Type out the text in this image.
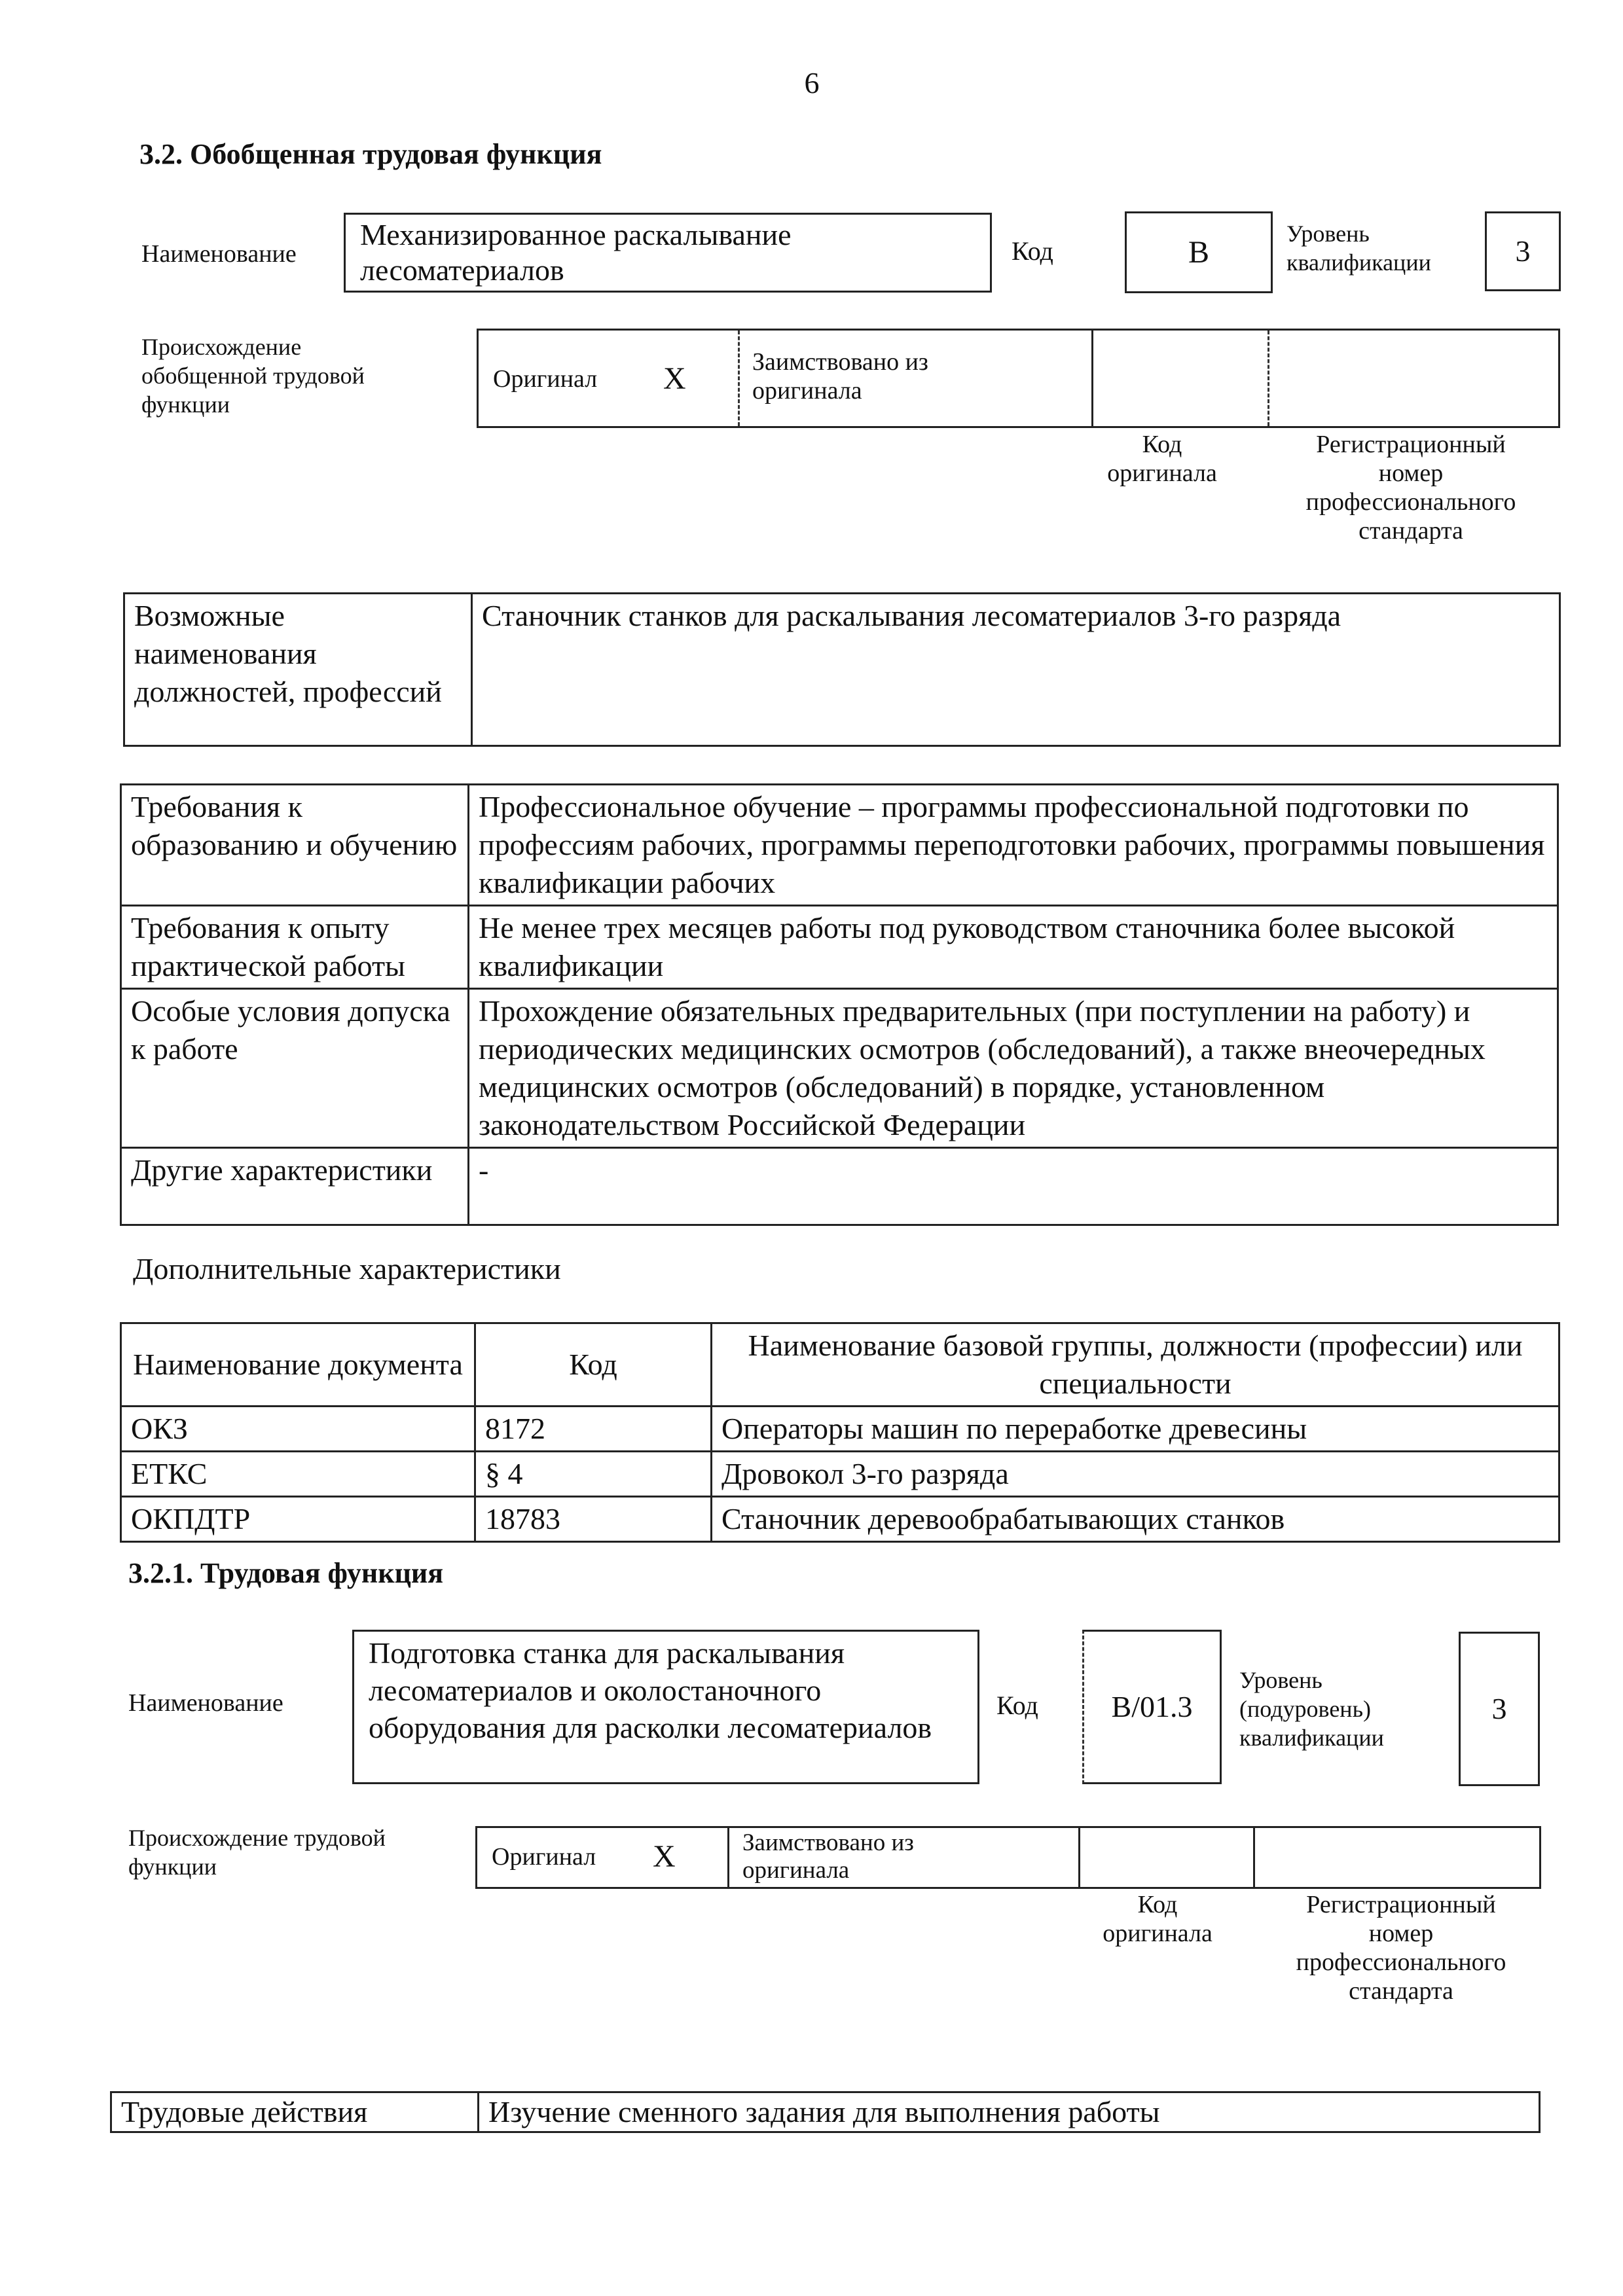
6
3.2. Обобщенная трудовая функция
Наименование
Механизированное раскалывание лесоматериалов
Код	B
Уровень квалификации	3
Происхождение обобщенной трудовой функции
Оригинал X	Заимствовано из оригинала
Код оригинала
Регистрационный номер профессионального стандарта
Возможные наименования должностей, профессий	Станочник станков для раскалывания лесоматериалов 3-го разряда
Требования к образованию и обучению	Профессиональное обучение – программы профессиональной подготовки по профессиям рабочих, программы переподготовки рабочих, программы повышения квалификации рабочих
Требования к опыту практической работы	Не менее трех месяцев работы под руководством станочника более высокой квалификации
Особые условия допуска к работе	Прохождение обязательных предварительных (при поступлении на работу) и периодических медицинских осмотров (обследований), а также внеочередных медицинских осмотров (обследований) в порядке, установленном законодательством Российской Федерации
Другие характеристики	-
Дополнительные характеристики
Наименование документа	Код	Наименование базовой группы, должности (профессии) или специальности
ОКЗ	8172	Операторы машин по переработке древесины
ЕТКС	§ 4	Дровокол 3-го разряда
ОКПДТР	18783	Станочник деревообрабатывающих станков
3.2.1. Трудовая функция
Наименование
Подготовка станка для раскалывания лесоматериалов и околостаночного оборудования для расколки лесоматериалов
Код	B/01.3
Уровень (подуровень) квалификации
3
Происхождение трудовой функции	Оригинал X	Заимствовано из оригинала
Код оригинала
Регистрационный номер профессионального стандарта
Трудовые действия	Изучение сменного задания для выполнения работы
